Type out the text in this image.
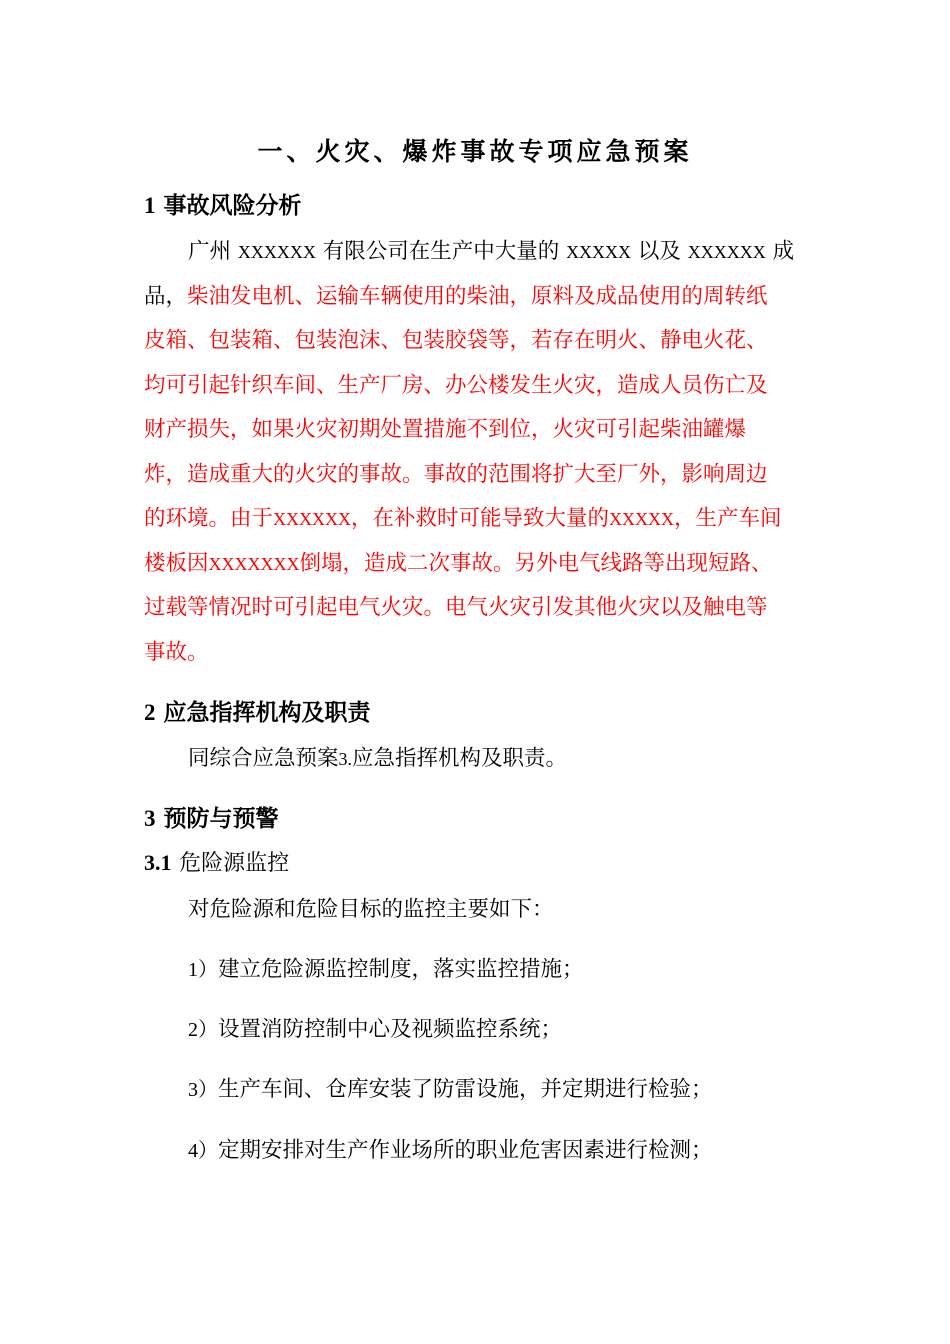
一、火灾、爆炸事故专项应急预案
1 事故风险分析
广州 XXXXXX 有限公司在生产中大量的 XXXXX 以及 XXXXXX 成
品，柴油发电机、运输车辆使用的柴油，原料及成品使用的周转纸
皮箱、包装箱、包装泡沫、包装胶袋等，若存在明火、静电火花、
均可引起针织车间、生产厂房、办公楼发生火灾，造成人员伤亡及
财产损失，如果火灾初期处置措施不到位，火灾可引起柴油罐爆
炸，造成重大的火灾的事故。事故的范围将扩大至厂外，影响周边
的环境。由于XXXXXX，在补救时可能导致大量的XXXXX，生产车间
楼板因XXXXXXX倒塌，造成二次事故。另外电气线路等出现短路、
过载等情况时可引起电气火灾。电气火灾引发其他火灾以及触电等
事故。
2 应急指挥机构及职责
同综合应急预案3.应急指挥机构及职责。
3 预防与预警
3.1 危险源监控
对危险源和危险目标的监控主要如下：
1）建立危险源监控制度，落实监控措施；
2）设置消防控制中心及视频监控系统；
3）生产车间、仓库安装了防雷设施，并定期进行检验；
4）定期安排对生产作业场所的职业危害因素进行检测；
